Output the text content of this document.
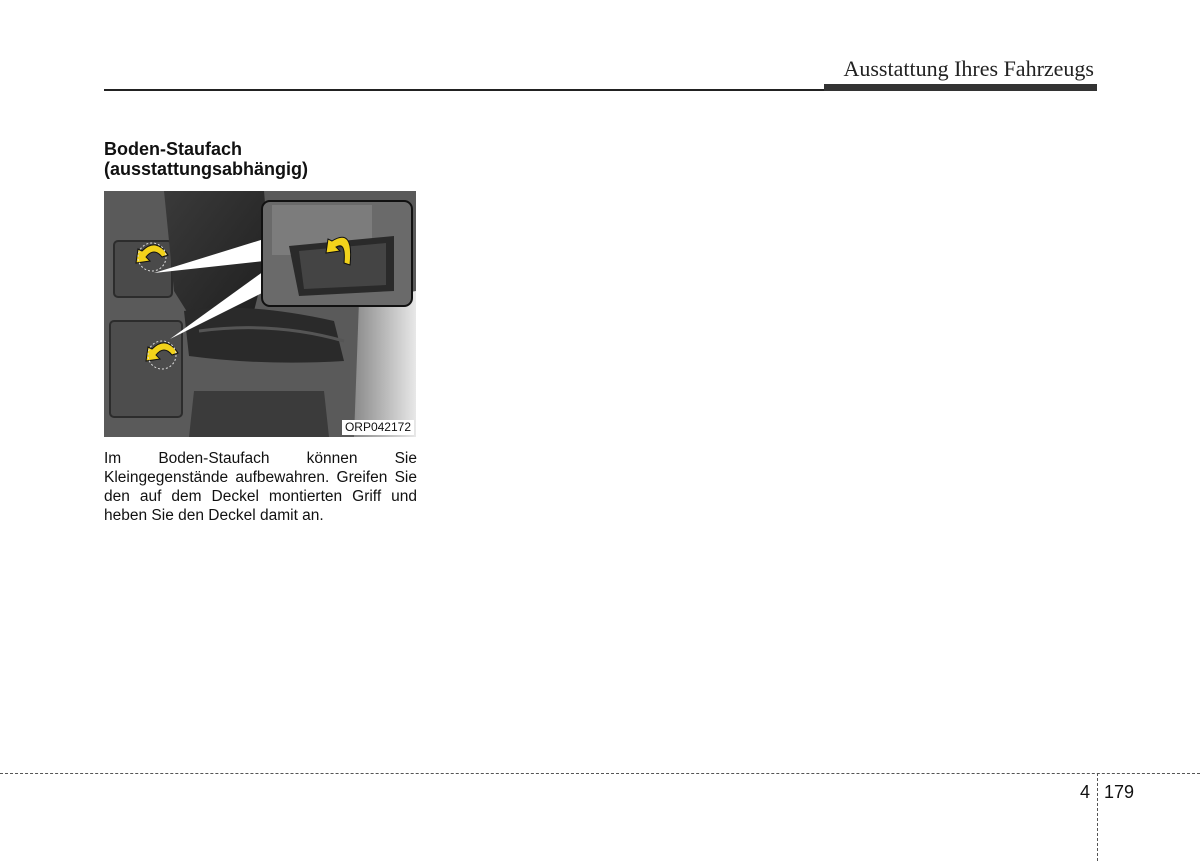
Ausstattung Ihres Fahrzeugs
Boden-Staufach
(ausstattungsabhängig)
ORP042172

Im Boden-Staufach können Sie Kleingegenstände aufbewahren. Greifen Sie den auf dem Deckel montierten Griff und heben Sie den Deckel damit an.

4 179
